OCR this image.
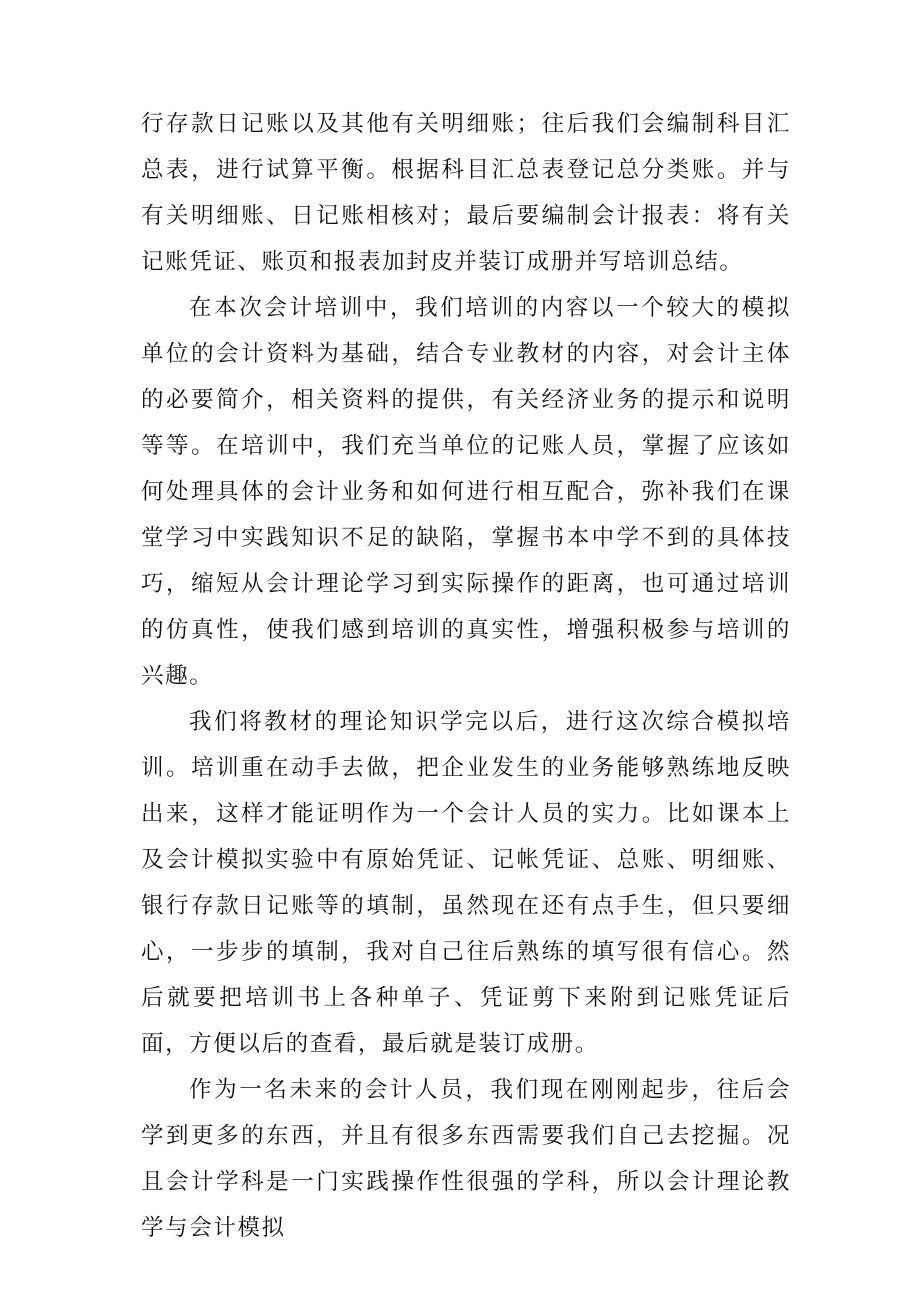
行存款日记账以及其他有关明细账；往后我们会编制科目汇总表，进行试算平衡。根据科目汇总表登记总分类账。并与有关明细账、日记账相核对；最后要编制会计报表：将有关记账凭证、账页和报表加封皮并装订成册并写培训总结。

在本次会计培训中，我们培训的内容以一个较大的模拟单位的会计资料为基础，结合专业教材的内容，对会计主体的必要简介，相关资料的提供，有关经济业务的提示和说明等等。在培训中，我们充当单位的记账人员，掌握了应该如何处理具体的会计业务和如何进行相互配合，弥补我们在课堂学习中实践知识不足的缺陷，掌握书本中学不到的具体技巧，缩短从会计理论学习到实际操作的距离，也可通过培训的仿真性，使我们感到培训的真实性，增强积极参与培训的兴趣。

我们将教材的理论知识学完以后，进行这次综合模拟培训。培训重在动手去做，把企业发生的业务能够熟练地反映出来，这样才能证明作为一个会计人员的实力。比如课本上及会计模拟实验中有原始凭证、记帐凭证、总账、明细账、银行存款日记账等的填制，虽然现在还有点手生，但只要细心，一步步的填制，我对自己往后熟练的填写很有信心。然后就要把培训书上各种单子、凭证剪下来附到记账凭证后面，方便以后的查看，最后就是装订成册。

作为一名未来的会计人员，我们现在刚刚起步，往后会学到更多的东西，并且有很多东西需要我们自己去挖掘。况且会计学科是一门实践操作性很强的学科，所以会计理论教学与会计模拟
